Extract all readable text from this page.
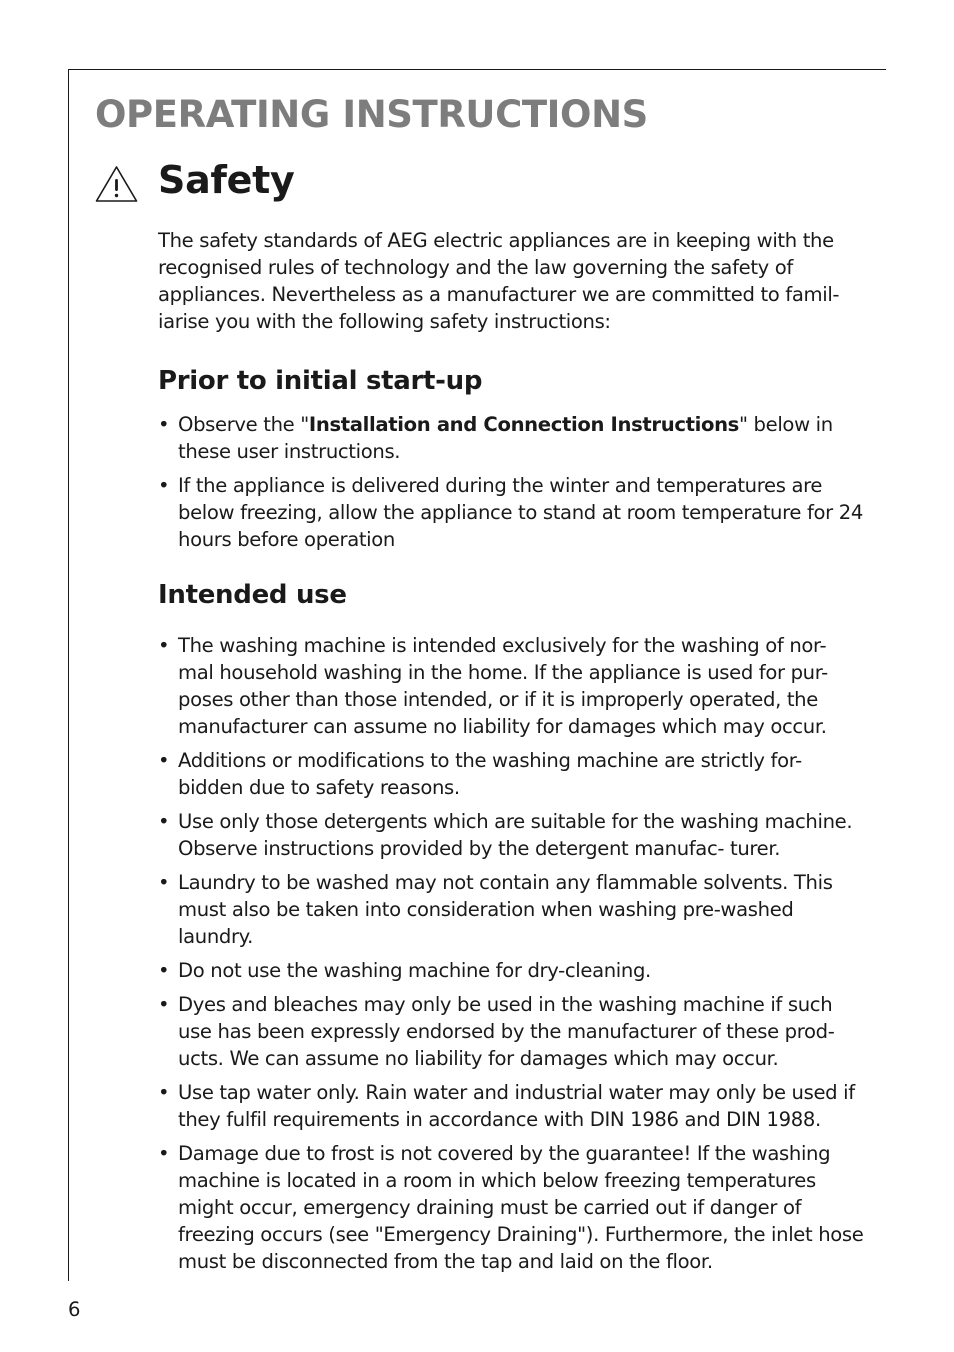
OPERATING INSTRUCTIONS
Safety

The safety standards of AEG electric appliances are in keeping with the recognised rules of technology and the law governing the safety of appliances. Nevertheless as a manufacturer we are committed to famil- iarise you with the following safety instructions:

Prior to initial start-up
• Observe the "Installation and Connection Instructions" below in these user instructions.
• If the appliance is delivered during the winter and temperatures are below freezing, allow the appliance to stand at room temperature for 24 hours before operation
Intended use
• The washing machine is intended exclusively for the washing of nor- mal household washing in the home. If the appliance is used for pur- poses other than those intended, or if it is improperly operated, the manufacturer can assume no liability for damages which may occur.
• Additions or modifications to the washing machine are strictly for- bidden due to safety reasons.
• Use only those detergents which are suitable for the washing machine. Observe instructions provided by the detergent manufac- turer.
• Laundry to be washed may not contain any flammable solvents. This must also be taken into consideration when washing pre-washed laundry.
• Do not use the washing machine for dry-cleaning.
• Dyes and bleaches may only be used in the washing machine if such use has been expressly endorsed by the manufacturer of these prod- ucts. We can assume no liability for damages which may occur.
• Use tap water only. Rain water and industrial water may only be used if they fulfil requirements in accordance with DIN 1986 and DIN 1988.
• Damage due to frost is not covered by the guarantee! If the washing machine is located in a room in which below freezing temperatures might occur, emergency draining must be carried out if danger of freezing occurs (see "Emergency Draining"). Furthermore, the inlet hose must be disconnected from the tap and laid on the floor.
6
